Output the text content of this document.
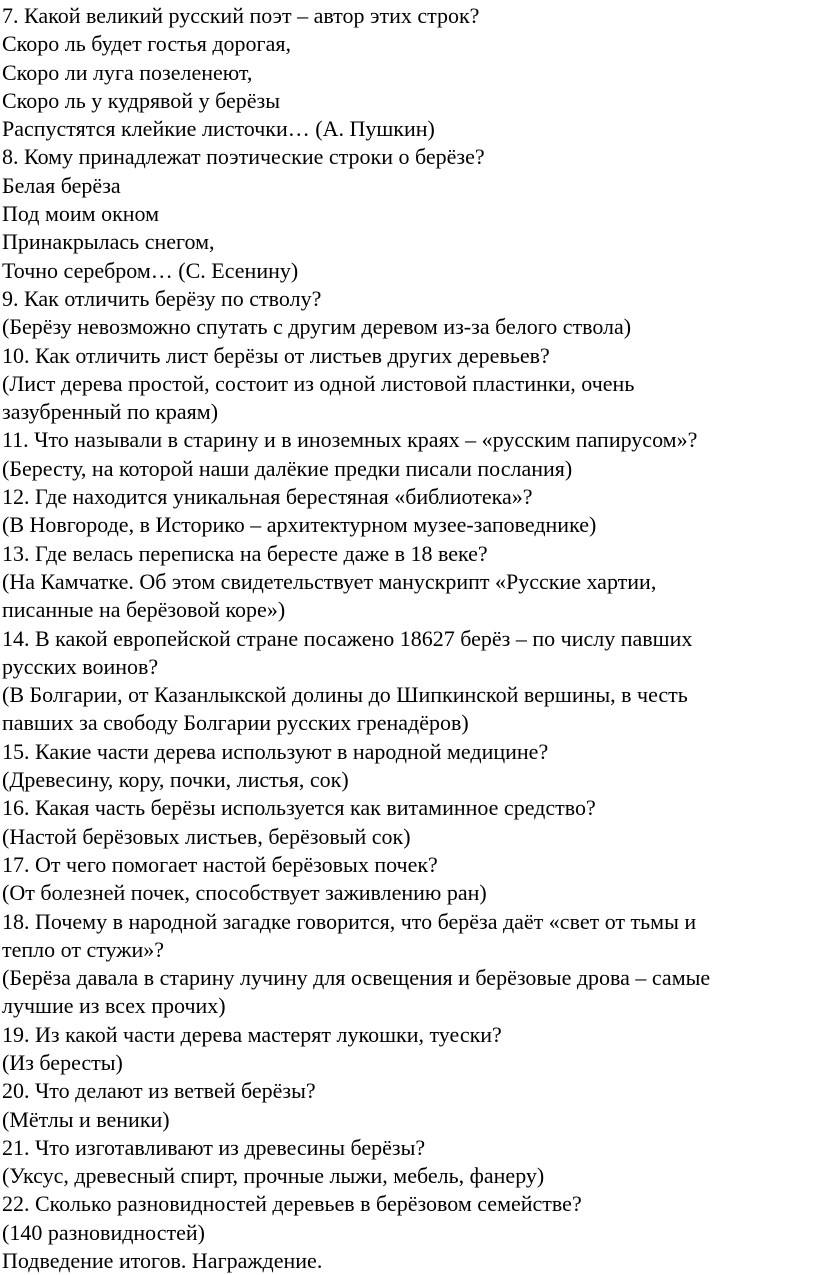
7. Какой великий русский поэт – автор этих строк?
Скоро ль будет гостья дорогая,
Скоро ли луга позеленеют,
Скоро ль у кудрявой у берёзы
Распустятся клейкие листочки… (А. Пушкин)
8. Кому принадлежат поэтические строки о берёзе?
Белая берёза
Под моим окном
Принакрылась снегом,
Точно серебром… (С. Есенину)
9. Как отличить берёзу по стволу?
(Берёзу невозможно спутать с другим деревом из-за белого ствола)
10. Как отличить лист берёзы от листьев других деревьев?
(Лист дерева простой, состоит из одной листовой пластинки, очень
зазубренный по краям)
11. Что называли в старину и в иноземных краях – «русским папирусом»?
(Бересту, на которой наши далёкие предки писали послания)
12. Где находится уникальная берестяная «библиотека»?
(В Новгороде, в Историко – архитектурном музее-заповеднике)
13. Где велась переписка на бересте даже в 18 веке?
(На Камчатке. Об этом свидетельствует манускрипт «Русские хартии,
писанные на берёзовой коре»)
14. В какой европейской стране посажено 18627 берёз – по числу павших
русских воинов?
(В Болгарии, от Казанлыкской долины до Шипкинской вершины, в честь
павших за свободу Болгарии русских гренадёров)
15. Какие части дерева используют в народной медицине?
(Древесину, кору, почки, листья, сок)
16. Какая часть берёзы используется как витаминное средство?
(Настой берёзовых листьев, берёзовый сок)
17. От чего помогает настой берёзовых почек?
(От болезней почек, способствует заживлению ран)
18. Почему в народной загадке говорится, что берёза даёт «свет от тьмы и
тепло от стужи»?
(Берёза давала в старину лучину для освещения и берёзовые дрова – самые
лучшие из всех прочих)
19. Из какой части дерева мастерят лукошки, туески?
(Из бересты)
20. Что делают из ветвей берёзы?
(Мётлы и веники)
21. Что изготавливают из древесины берёзы?
(Уксус, древесный спирт, прочные лыжи, мебель, фанеру)
22. Сколько разновидностей деревьев в берёзовом семействе?
(140 разновидностей)
Подведение итогов. Награждение.
